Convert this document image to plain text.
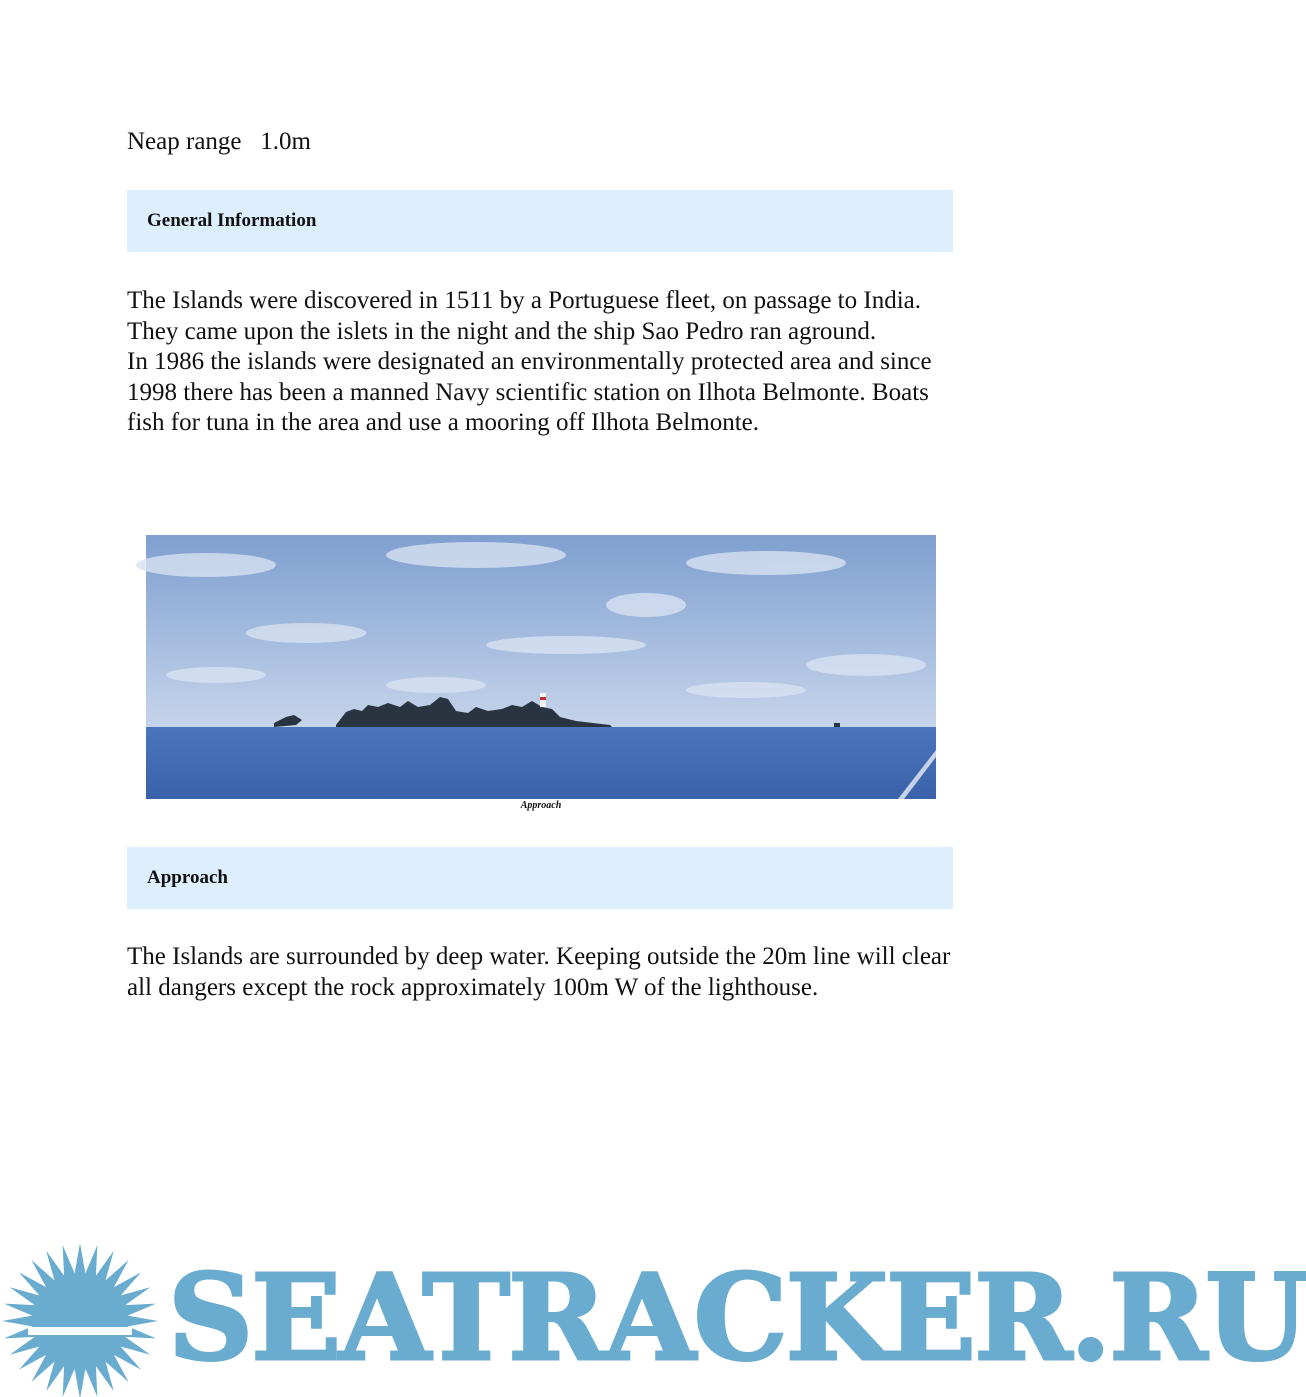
Neap range 1.0m
General Information

The Islands were discovered in 1511 by a Portuguese fleet, on passage to India. They came upon the islets in the night and the ship Sao Pedro ran aground.

In 1986 the islands were designated an environmentally protected area and since 1998 there has been a manned Navy scientific station on Ilhota Belmonte. Boats fish for tuna in the area and use a mooring off Ilhota Belmonte.

Approach
Approach

The Islands are surrounded by deep water. Keeping outside the 20m line will clear all dangers except the rock approximately 100m W of the lighthouse.

SEATRACKER.RU
